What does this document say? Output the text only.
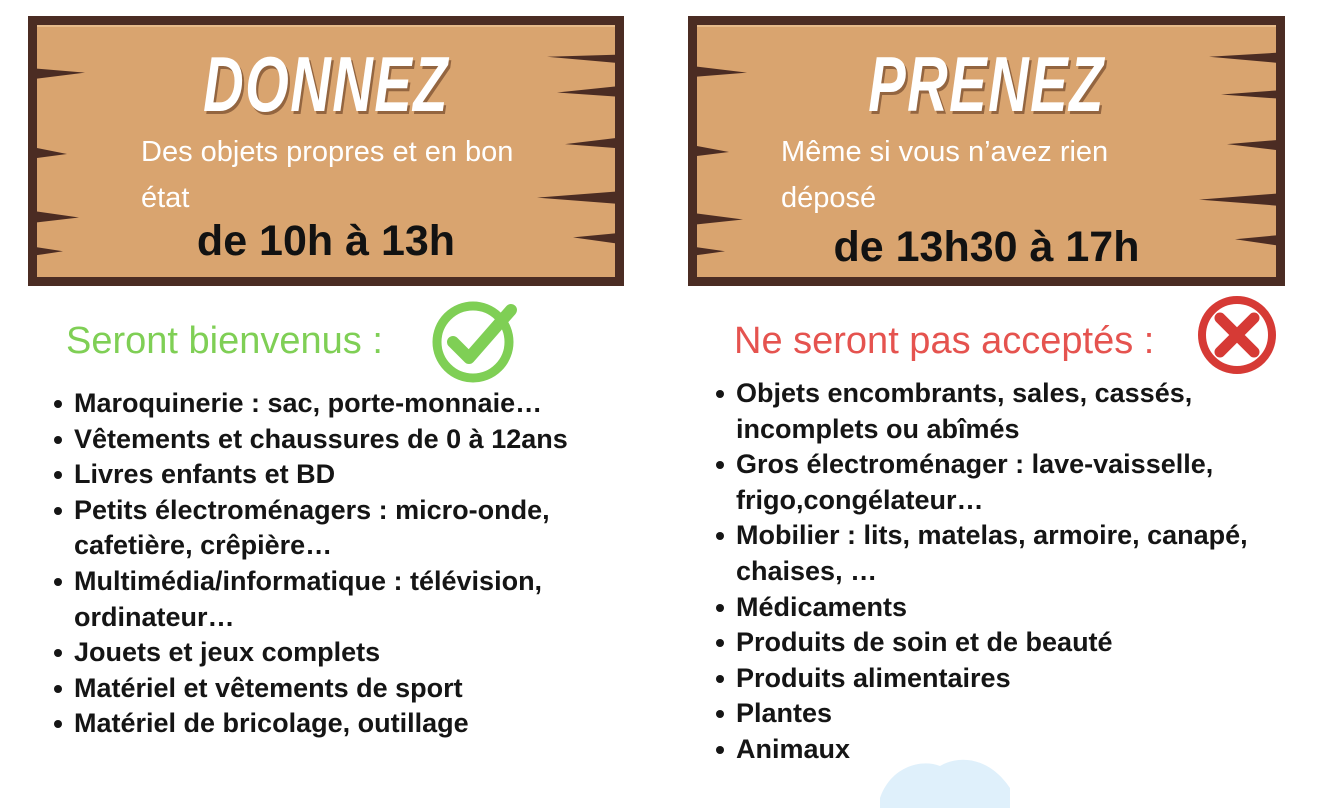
DONNEZ
Des objets propres et en bon état
de 10h à 13h
PRENEZ
Même si vous n’avez rien déposé
de 13h30 à 17h
Seront bienvenus :	Ne seront pas acceptés :
Maroquinerie : sac, porte-monnaie…
Vêtements et chaussures de 0 à 12ans
Livres enfants et BD
Petits électroménagers : micro-onde, cafetière, crêpière…
Multimédia/informatique : télévision, ordinateur…
Jouets et jeux complets
Matériel et vêtements de sport
Matériel de bricolage, outillage
Objets encombrants, sales, cassés, incomplets ou abîmés
Gros électroménager : lave-vaisselle, frigo,congélateur…
Mobilier : lits, matelas, armoire, canapé, chaises, …
Médicaments
Produits de soin et de beauté
Produits alimentaires
Plantes
Animaux
